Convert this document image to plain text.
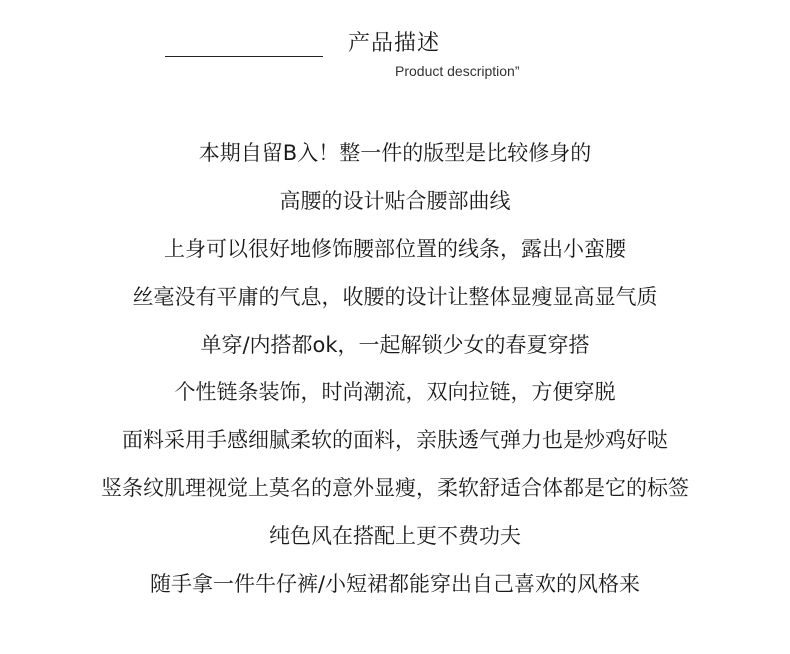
产品描述
Product description”
本期自留B入！整一件的版型是比较修身的
高腰的设计贴合腰部曲线
上身可以很好地修饰腰部位置的线条，露出小蛮腰
丝毫没有平庸的气息，收腰的设计让整体显瘦显高显气质
单穿/内搭都ok，一起解锁少女的春夏穿搭
个性链条装饰，时尚潮流，双向拉链，方便穿脱
面料采用手感细腻柔软的面料，亲肤透气弹力也是炒鸡好哒
竖条纹肌理视觉上莫名的意外显瘦，柔软舒适合体都是它的标签
纯色风在搭配上更不费功夫
随手拿一件牛仔裤/小短裙都能穿出自己喜欢的风格来
